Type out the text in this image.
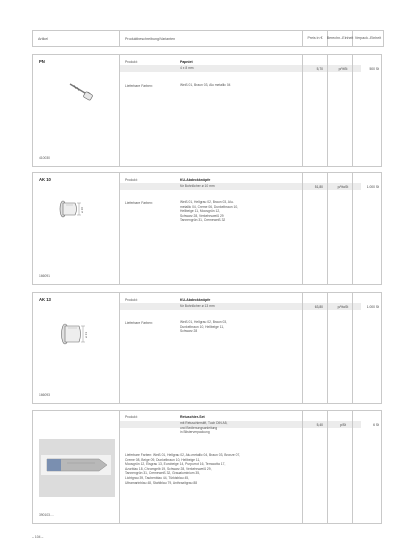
Artikel	Produktbeschreibung/Varianten	Preis in €	Berechn.- Einheit Verpack.- Einheit
PN
410030
Produkt:	Papniet
4 x 8 mm	5,70	p/%St	500 St
Lieferbare Farben:	Weiß 01, Braun 03, Alu metallic 04
AK 10
166091
Produkt:	KU-Abdeckknöpfe
für Bohrlöcher ø 10 mm	51,80	p/%oSt	1.000 St
Lieferbare Farben:	Weiß 01, Hellgrau 02, Braun 03, Alu-
metallic 04, Creme 06, Dunkelbraun 10,
Hellbeige 11, Moosgrün 12,
Schwarz 28, Verkehrsweiß 29
Tannengrün 31, Cremeweiß 32
ø 10
AK 13
166093
Produkt:	KU-Abdeckknöpfe
für Bohrlöcher ø 13 mm	63,80	p/%oSt	1.000 St
Lieferbare Farben:	Weiß 01, Hellgrau 02, Braun 03,
Dunkelbraun 10, Hellbeige 11,
Schwarz 28
ø 13
390103....
Produkt:	Retuschier-Set
mit Retuschierstift, Tuch DIN A5,
und Bedienungsanleitung
in Blisterverpackung
5,40	p/St	6 St
Lieferbare Farben: Weiß 01, Hellgrau 02, Alu-metallic 04, Braun 03, Bronze 07,
Creme 08, Beige 09, Dunkelbraun 10, Hellbeige 11,
Moosgrün 12, Eisgrau 13, Eurobeige 14, Purpurrot 16, Terracotta 17,
Azurblau 18, Chromgelb 19, Schwarz 28, Verkehrsweiß 29,
Tannengrün 31, Cremeweiß 32, Graualuminium 35,
Lichtgrau 39, Taubenblau 44, Türkisblau 45,
Ultramarinblau 48, Stahlblau 79, Anthrazitgrau 88
– 104 –
